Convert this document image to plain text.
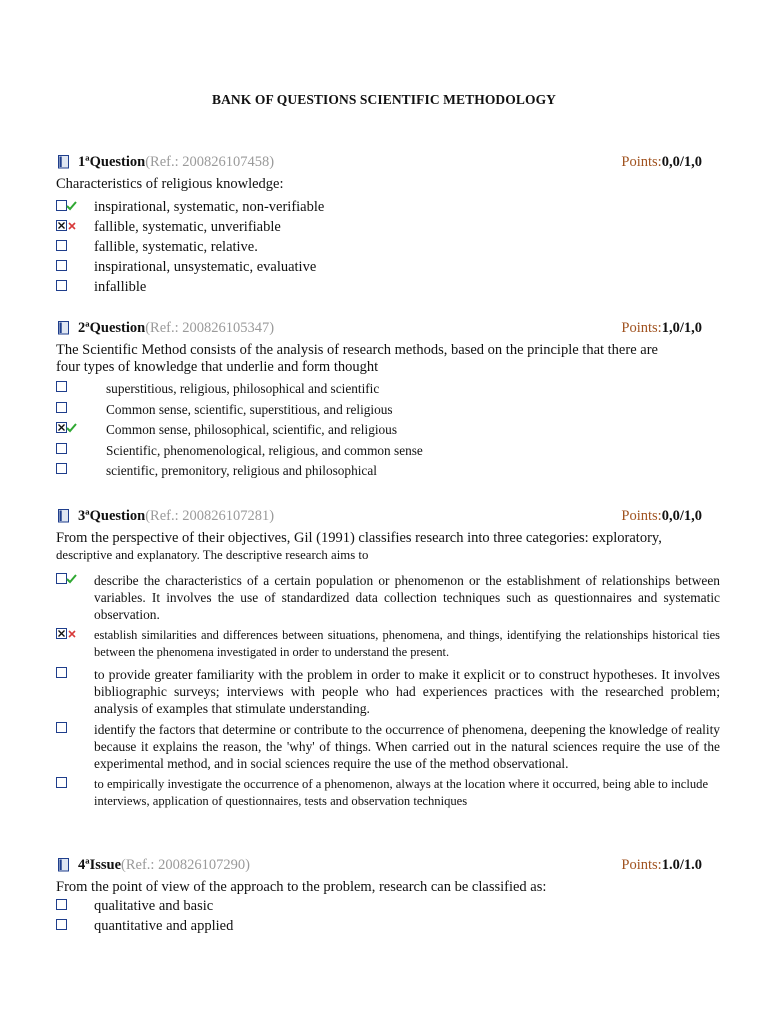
BANK OF QUESTIONS SCIENTIFIC METHODOLOGY
1ªQuestion(Ref.: 200826107458)	Points:0,0/1,0
Characteristics of religious knowledge:
inspirational, systematic, non-verifiable
fallible, systematic, unverifiable
fallible, systematic, relative.
inspirational, unsystematic, evaluative
infallible
2ªQuestion(Ref.: 200826105347)	Points:1,0/1,0
The Scientific Method consists of the analysis of research methods, based on the principle that there are
four types of knowledge that underlie and form thought
superstitious, religious, philosophical and scientific
Common sense, scientific, superstitious, and religious
Common sense, philosophical, scientific, and religious
Scientific, phenomenological, religious, and common sense
scientific, premonitory, religious and philosophical
3ªQuestion(Ref.: 200826107281)	Points:0,0/1,0
From the perspective of their objectives, Gil (1991) classifies research into three categories: exploratory,
descriptive and explanatory. The descriptive research aims to
describe the characteristics of a certain population or phenomenon or the establishment of relationships between variables. It involves the use of standardized data collection techniques such as questionnaires and systematic observation.
establish similarities and differences between situations, phenomena, and things, identifying the relationships historical ties between the phenomena investigated in order to understand the present.
to provide greater familiarity with the problem in order to make it explicit or to construct hypotheses. It involves bibliographic surveys; interviews with people who had experiences practices with the researched problem; analysis of examples that stimulate understanding.
identify the factors that determine or contribute to the occurrence of phenomena, deepening the knowledge of reality because it explains the reason, the 'why' of things. When carried out in the natural sciences require the use of the experimental method, and in social sciences require the use of the method observational.
to empirically investigate the occurrence of a phenomenon, always at the location where it occurred, being able to include interviews, application of questionnaires, tests and observation techniques
4ªIssue(Ref.: 200826107290)	Points:1.0/1.0
From the point of view of the approach to the problem, research can be classified as:
qualitative and basic
quantitative and applied
